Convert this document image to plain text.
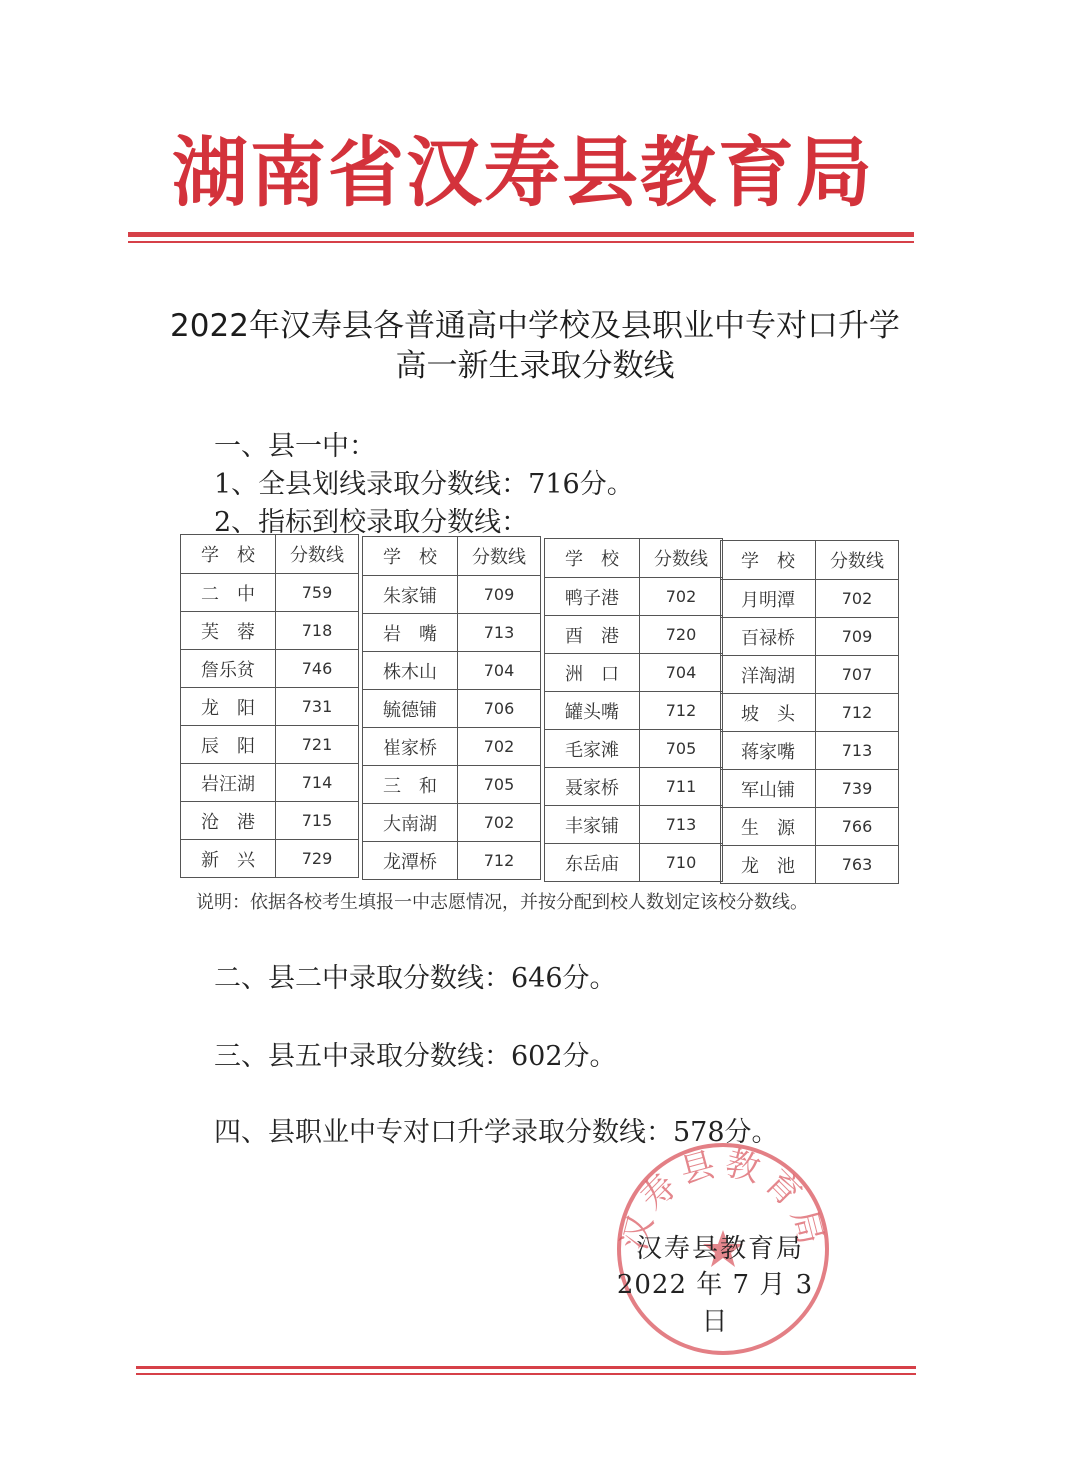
湖南省汉寿县教育局
2022年汉寿县各普通高中学校及县职业中专对口升学
高一新生录取分数线
一、县一中：
1、全县划线录取分数线：716分。
2、指标到校录取分数线：
学　校	分数线
二　中	759
芙　蓉	718
詹乐贫	746
龙　阳	731
辰　阳	721
岩汪湖	714
沧　港	715
新　兴	729
学　校	分数线
朱家铺	709
岩　嘴	713
株木山	704
毓德铺	706
崔家桥	702
三　和	705
大南湖	702
龙潭桥	712
学　校	分数线
鸭子港	702
酉　港	720
洲　口	704
罐头嘴	712
毛家滩	705
聂家桥	711
丰家铺	713
东岳庙	710
学　校	分数线
月明潭	702
百禄桥	709
洋淘湖	707
坡　头	712
蒋家嘴	713
军山铺	739
生　源	766
龙　池	763
说明：依据各校考生填报一中志愿情况，并按分配到校人数划定该校分数线。
二、县二中录取分数线：646分。
三、县五中录取分数线：602分。
四、县职业中专对口升学录取分数线：578分。
汉寿县教育局
汉寿县教育局
2022 年 7 月 3 日
